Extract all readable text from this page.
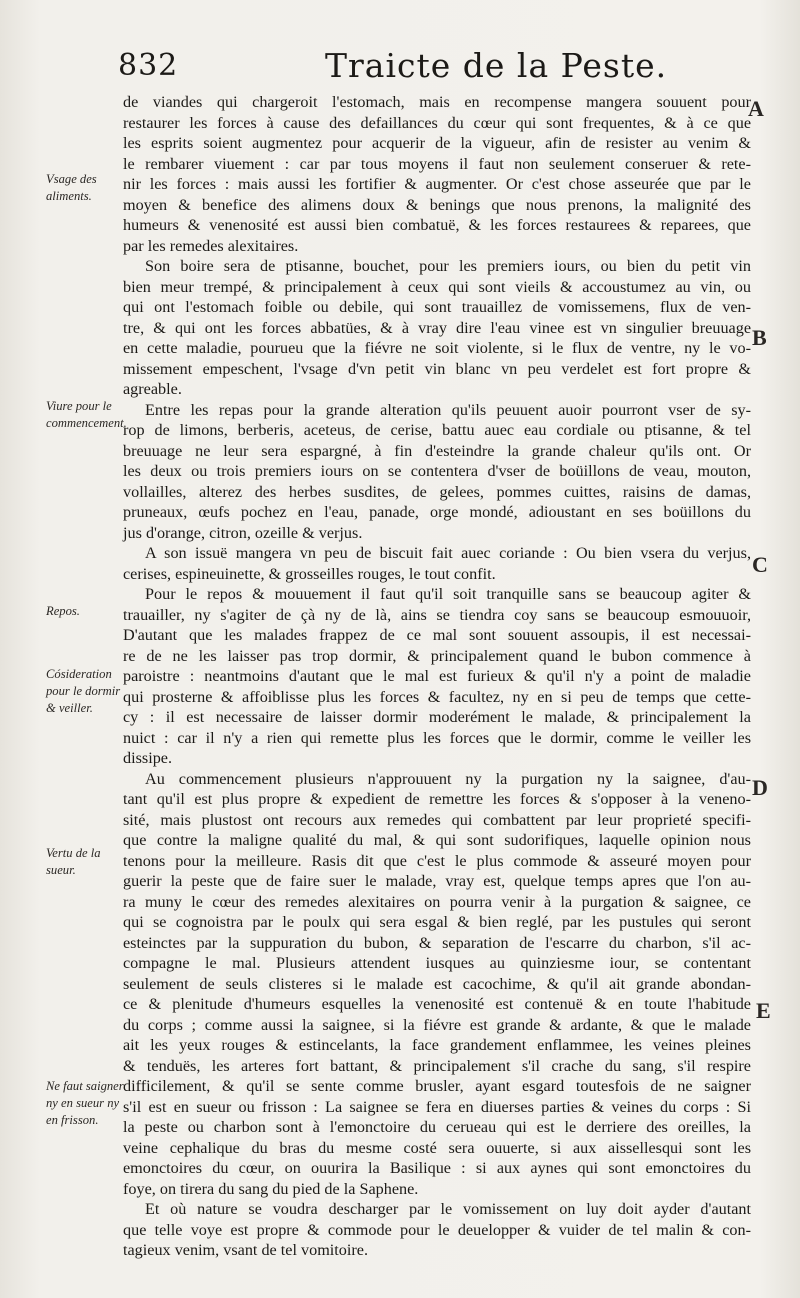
832	Traicte de la Peste.
Vsage des aliments.
Viure pour le commencement.
Repos.
Cósideration pour le dormir & veiller.
Vertu de la sueur.
Ne faut saigner ny en sueur ny en frisson.
A
B
C
D
E
de viandes qui chargeroit l'estomach, mais en recompense mangera souuent pour
restaurer les forces à cause des defaillances du cœur qui sont frequentes, & à ce que
les esprits soient augmentez pour acquerir de la vigueur, afin de resister au venim &
le rembarer viuement : car par tous moyens il faut non seulement conseruer & rete-
nir les forces : mais aussi les fortifier & augmenter. Or c'est chose asseurée que par le
moyen & benefice des alimens doux & benings que nous prenons, la malignité des
humeurs & venenosité est aussi bien combatuë, & les forces restaurees & reparees, que
par les remedes alexitaires.
Son boire sera de ptisanne, bouchet, pour les premiers iours, ou bien du petit vin
bien meur trempé, & principalement à ceux qui sont vieils & accoustumez au vin, ou
qui ont l'estomach foible ou debile, qui sont trauaillez de vomissemens, flux de ven-
tre, & qui ont les forces abbatües, & à vray dire l'eau vinee est vn singulier breuuage
en cette maladie, pourueu que la fiévre ne soit violente, si le flux de ventre, ny le vo-
missement empeschent, l'vsage d'vn petit vin blanc vn peu verdelet est fort propre &
agreable.
Entre les repas pour la grande alteration qu'ils peuuent auoir pourront vser de sy-
rop de limons, berberis, aceteus, de cerise, battu auec eau cordiale ou ptisanne, & tel
breuuage ne leur sera espargné, à fin d'esteindre la grande chaleur qu'ils ont. Or
les deux ou trois premiers iours on se contentera d'vser de boüillons de veau, mouton,
vollailles, alterez des herbes susdites, de gelees, pommes cuittes, raisins de damas,
pruneaux, œufs pochez en l'eau, panade, orge mondé, adioustant en ses boüillons du
jus d'orange, citron, ozeille & verjus.
A son issuë mangera vn peu de biscuit fait auec coriande : Ou bien vsera du verjus,
cerises, espineuinette, & grosseilles rouges, le tout confit.
Pour le repos & mouuement il faut qu'il soit tranquille sans se beaucoup agiter &
trauailler, ny s'agiter de çà ny de là, ains se tiendra coy sans se beaucoup esmouuoir,
D'autant que les malades frappez de ce mal sont souuent assoupis, il est necessai-
re de ne les laisser pas trop dormir, & principalement quand le bubon commence à
paroistre : neantmoins d'autant que le mal est furieux & qu'il n'y a point de maladie
qui prosterne & affoiblisse plus les forces & facultez, ny en si peu de temps que cette-
cy : il est necessaire de laisser dormir moderément le malade, & principalement la
nuict : car il n'y a rien qui remette plus les forces que le dormir, comme le veiller les
dissipe.
Au commencement plusieurs n'approuuent ny la purgation ny la saignee, d'au-
tant qu'il est plus propre & expedient de remettre les forces & s'opposer à la veneno-
sité, mais plustost ont recours aux remedes qui combattent par leur proprieté specifi-
que contre la maligne qualité du mal, & qui sont sudorifiques, laquelle opinion nous
tenons pour la meilleure. Rasis dit que c'est le plus commode & asseuré moyen pour
guerir la peste que de faire suer le malade, vray est, quelque temps apres que l'on au-
ra muny le cœur des remedes alexitaires on pourra venir à la purgation & saignee, ce
qui se cognoistra par le poulx qui sera esgal & bien reglé, par les pustules qui seront
esteinctes par la suppuration du bubon, & separation de l'escarre du charbon, s'il ac-
compagne le mal. Plusieurs attendent iusques au quinziesme iour, se contentant
seulement de seuls clisteres si le malade est cacochime, & qu'il ait grande abondan-
ce & plenitude d'humeurs esquelles la venenosité est contenuë & en toute l'habitude
du corps ; comme aussi la saignee, si la fiévre est grande & ardante, & que le malade
ait les yeux rouges & estincelants, la face grandement enflammee, les veines pleines
& tenduës, les arteres fort battant, & principalement s'il crache du sang, s'il respire
difficilement, & qu'il se sente comme brusler, ayant esgard toutesfois de ne saigner
s'il est en sueur ou frisson : La saignee se fera en diuerses parties & veines du corps : Si
la peste ou charbon sont à l'emonctoire du cerueau qui est le derriere des oreilles, la
veine cephalique du bras du mesme costé sera ouuerte, si aux aissellesqui sont les
emonctoires du cœur, on ouurira la Basilique : si aux aynes qui sont emonctoires du
foye, on tirera du sang du pied de la Saphene.
Et où nature se voudra descharger par le vomissement on luy doit ayder d'autant
que telle voye est propre & commode pour le deuelopper & vuider de tel malin & con-
tagieux venim, vsant de tel vomitoire.
